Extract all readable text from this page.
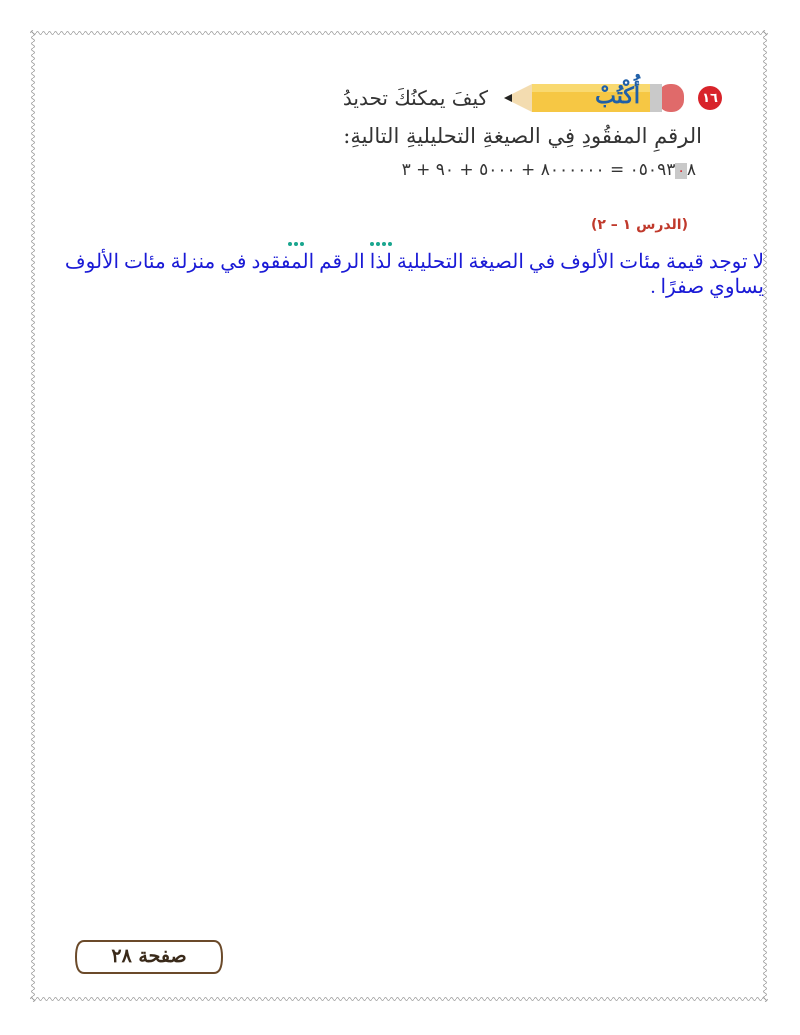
١٦
أُكْتُبْ
كيفَ يمكنُكَ تحديدُ
الرقمِ المفقُودِ فِي الصيغةِ التحليليةِ التاليةِ:
٨٠٠٥٠٩٣ = ٨٠٠٠٠٠٠ + ٥٠٠٠ + ٩٠ + ٣
(الدرس ١ – ٢)
لا توجد قيمة مئات الألوف في الصيغة التحليلية لذا الرقم المفقود في منزلة مئات الألوف يساوي صفرًا .
صفحة ٢٨
